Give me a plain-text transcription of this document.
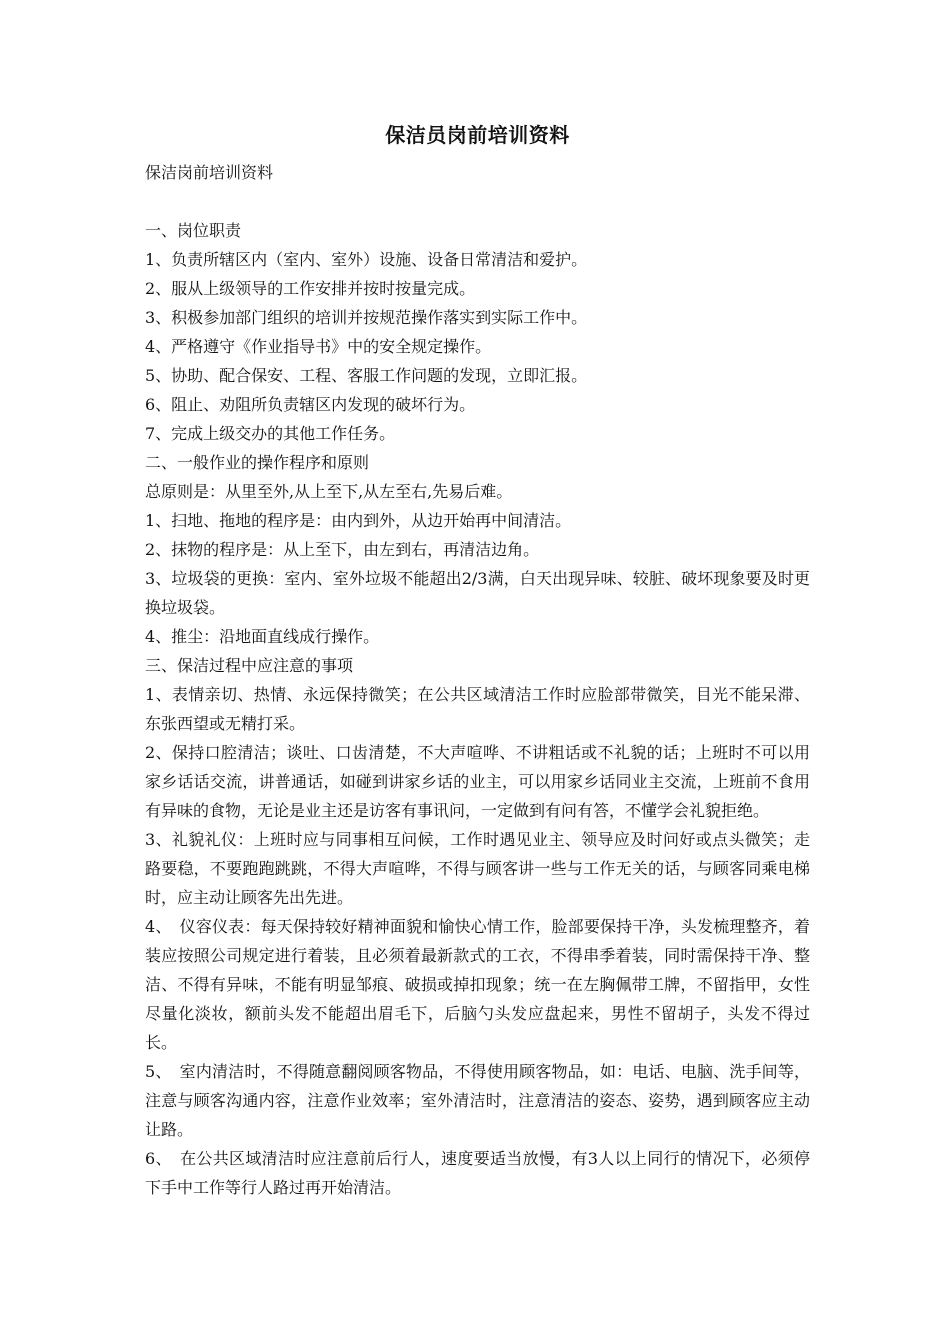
保洁员岗前培训资料
保洁岗前培训资料
一、岗位职责
1、负责所辖区内（室内、室外）设施、设备日常清洁和爱护。
2、服从上级领导的工作安排并按时按量完成。
3、积极参加部门组织的培训并按规范操作落实到实际工作中。
4、严格遵守《作业指导书》中的安全规定操作。
5、协助、配合保安、工程、客服工作问题的发现，立即汇报。
6、阻止、劝阻所负责辖区内发现的破坏行为。
7、完成上级交办的其他工作任务。
二、一般作业的操作程序和原则
总原则是：从里至外,从上至下,从左至右,先易后难。
1、扫地、拖地的程序是：由内到外，从边开始再中间清洁。
2、抹物的程序是：从上至下，由左到右，再清洁边角。
3、垃圾袋的更换：室内、室外垃圾不能超出2/3满，白天出现异味、较脏、破坏现象要及时更换垃圾袋。
4、推尘：沿地面直线成行操作。
三、保洁过程中应注意的事项
1、表情亲切、热情、永远保持微笑；在公共区域清洁工作时应脸部带微笑，目光不能呆滞、东张西望或无精打采。
2、保持口腔清洁；谈吐、口齿清楚，不大声喧哗、不讲粗话或不礼貌的话；上班时不可以用家乡话话交流，讲普通话，如碰到讲家乡话的业主，可以用家乡话同业主交流，上班前不食用有异味的食物，无论是业主还是访客有事讯问，一定做到有问有答，不懂学会礼貌拒绝。
3、礼貌礼仪：上班时应与同事相互问候，工作时遇见业主、领导应及时问好或点头微笑；走路要稳，不要跑跑跳跳，不得大声喧哗，不得与顾客讲一些与工作无关的话，与顾客同乘电梯时，应主动让顾客先出先进。
4、　仪容仪表：每天保持较好精神面貌和愉快心情工作，脸部要保持干净，头发梳理整齐，着装应按照公司规定进行着装，且必须着最新款式的工衣，不得串季着装，同时需保持干净、整洁、不得有异味，不能有明显邹痕、破损或掉扣现象；统一在左胸佩带工牌，不留指甲，女性尽量化淡妆，额前头发不能超出眉毛下，后脑勺头发应盘起来，男性不留胡子，头发不得过长。
5、　室内清洁时，不得随意翻阅顾客物品，不得使用顾客物品，如：电话、电脑、洗手间等，注意与顾客沟通内容，注意作业效率；室外清洁时，注意清洁的姿态、姿势，遇到顾客应主动让路。
6、　在公共区域清洁时应注意前后行人，速度要适当放慢，有3人以上同行的情况下，必须停下手中工作等行人路过再开始清洁。
